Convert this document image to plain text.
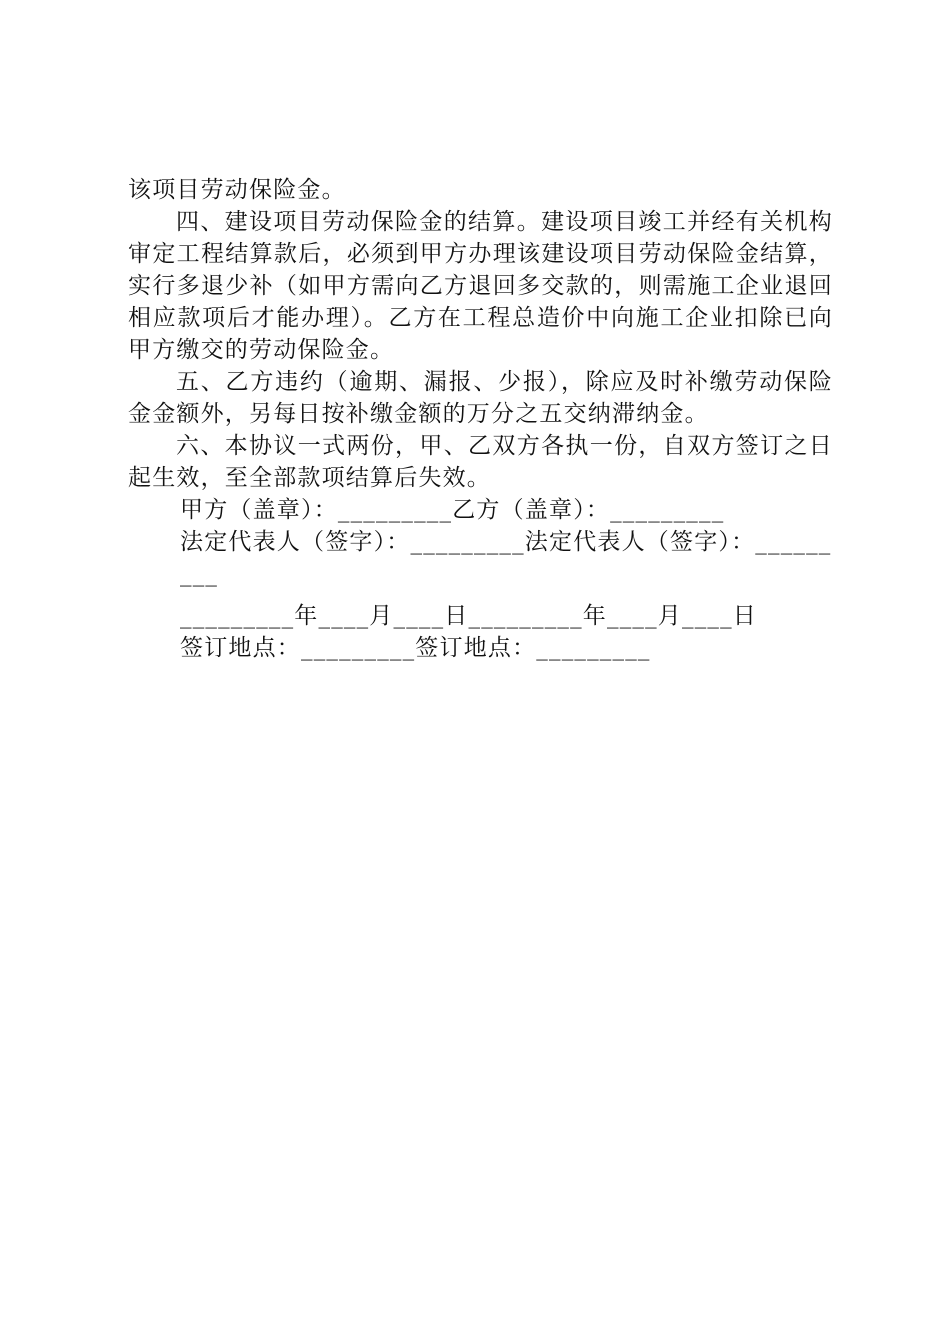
该项目劳动保险金。

四、建设项目劳动保险金的结算。建设项目竣工并经有关机构审定工程结算款后，必须到甲方办理该建设项目劳动保险金结算，实行多退少补（如甲方需向乙方退回多交款的，则需施工企业退回相应款项后才能办理）。乙方在工程总造价中向施工企业扣除已向甲方缴交的劳动保险金。

五、乙方违约（逾期、漏报、少报），除应及时补缴劳动保险金金额外，另每日按补缴金额的万分之五交纳滞纳金。

六、本协议一式两份，甲、乙双方各执一份，自双方签订之日起生效，至全部款项结算后失效。

甲方（盖章）：_________乙方（盖章）：_________

法定代表人（签字）：_________法定代表人（签字）：_________

_________年____月____日_________年____月____日

签订地点：_________签订地点：_________
